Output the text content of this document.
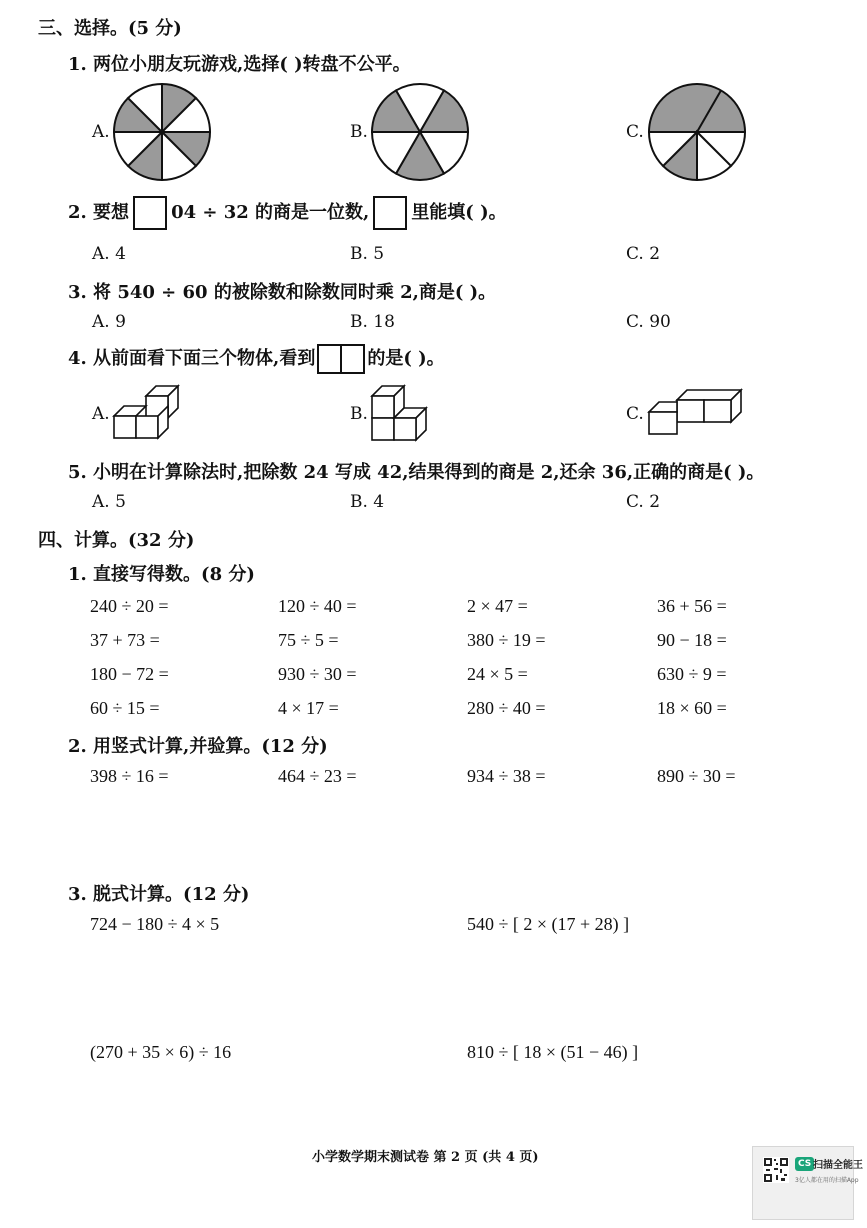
三、选择。(5 分)
1. 两位小朋友玩游戏,选择( )转盘不公平。
A.	B.	C.
2. 要想 04 ÷ 32 的商是一位数, 里能填( )。
A. 4	B. 5	C. 2
3. 将 540 ÷ 60 的被除数和除数同时乘 2,商是( )。
A. 9	B. 18	C. 90
4. 从前面看下面三个物体,看到	的是( )。
A.	B.	C.
5. 小明在计算除法时,把除数 24 写成 42,结果得到的商是 2,还余 36,正确的商是( )。
A. 5	B. 4	C. 2
四、计算。(32 分)
1. 直接写得数。(8 分)
240 ÷ 20 =	120 ÷ 40 =	2 × 47 =	36 + 56 =
37 + 73 =	75 ÷ 5 =	380 ÷ 19 =	90 − 18 =
180 − 72 =	930 ÷ 30 =	24 × 5 =	630 ÷ 9 =
60 ÷ 15 =	4 × 17 =	280 ÷ 40 =	18 × 60 =
2. 用竖式计算,并验算。(12 分)
398 ÷ 16 =	464 ÷ 23 =	934 ÷ 38 =	890 ÷ 30 =
3. 脱式计算。(12 分)
724 − 180 ÷ 4 × 5	540 ÷ [ 2 × (17 + 28) ]
(270 + 35 × 6) ÷ 16	810 ÷ [ 18 × (51 − 46) ]
小学数学期末测试卷 第 2 页 (共 4 页)	CS 扫描全能王
3亿人都在用的扫描App
